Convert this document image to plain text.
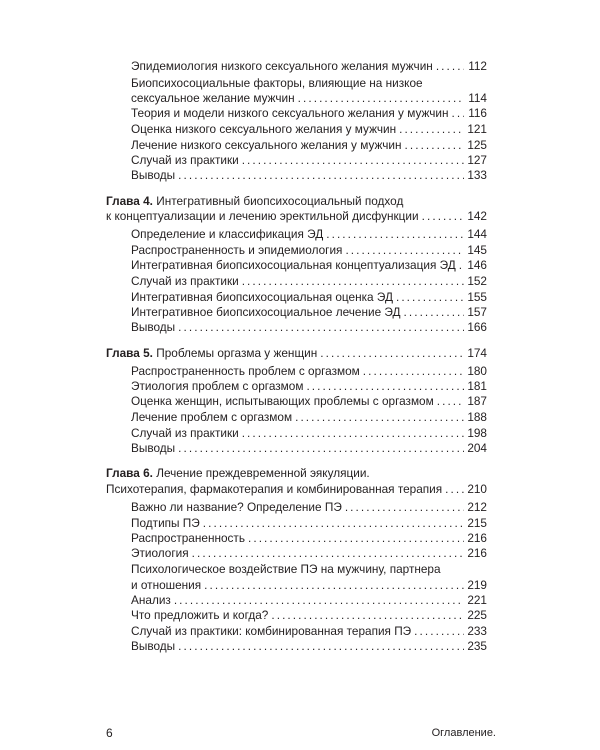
Эпидемиология низкого сексуального желания мужчин . . .	112
Биопсихосоциальные факторы, влияющие на низкое
сексуальное желание мужчин . . .	114
Теория и модели низкого сексуального желания у мужчин . . . 116
Оценка низкого сексуального желания у мужчин . . .	121
Лечение низкого сексуального желания у мужчин . . .	125
Случай из практики . . .	127
Выводы . . .	133
Глава 4. Интегративный биопсихосоциальный подход
к концептуализации и лечению эректильной дисфункции . . .	142
Определение и классификация ЭД . . .	144
Распространенность и эпидемиология . . .	145
Интегративная биопсихосоциальная концептуализация ЭД . . . 146
Случай из практики . . .	152
Интегративная биопсихосоциальная оценка ЭД . . .	155
Интегративное биопсихосоциальное лечение ЭД . . .	157
Выводы . . .	166
Глава 5. Проблемы оргазма у женщин . . .	174
Распространенность проблем с оргазмом . . .	180
Этиология проблем с оргазмом . . .	181
Оценка женщин, испытывающих проблемы с оргазмом . . .	187
Лечение проблем с оргазмом . . .	188
Случай из практики . . .	198
Выводы . . .	204
Глава 6. Лечение преждевременной эякуляции.
Психотерапия, фармакотерапия и комбинированная терапия . . . 210
Важно ли название? Определение ПЭ . . .	212
Подтипы ПЭ . . .	215
Распространенность . . .	216
Этиология . . .	216
Психологическое воздействие ПЭ на мужчину, партнера
и отношения . . .	219
Анализ . . .	221
Что предложить и когда? . . .	225
Случай из практики: комбинированная терапия ПЭ . . .	233
Выводы . . .	235
6	Оглавление.
